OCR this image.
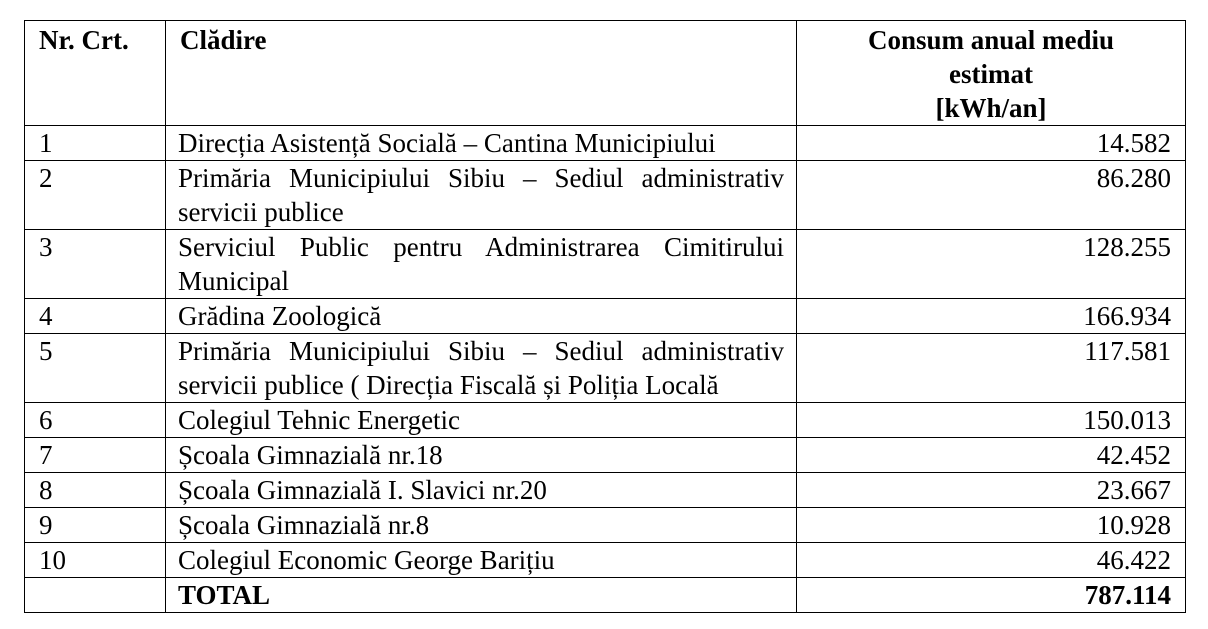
Nr. Crt.	Clădire	Consum anual mediu
estimat
[kWh/an]

1	Direcția Asistență Socială – Cantina Municipiului	14.582
2	Primăria Municipiului Sibiu – Sediul administrativ servicii publice	86.280
3	Serviciul Public pentru Administrarea Cimitirului Municipal	128.255
4	Grădina Zoologică	166.934
5	Primăria Municipiului Sibiu – Sediul administrativ servicii publice ( Direcția Fiscală și Poliția Locală	117.581
6	Colegiul Tehnic Energetic	150.013
7	Școala Gimnazială nr.18	42.452
8	Școala Gimnazială I. Slavici nr.20	23.667
9	Școala Gimnazială nr.8	10.928
10	Colegiul Economic George Barițiu	46.422
	TOTAL	787.114
